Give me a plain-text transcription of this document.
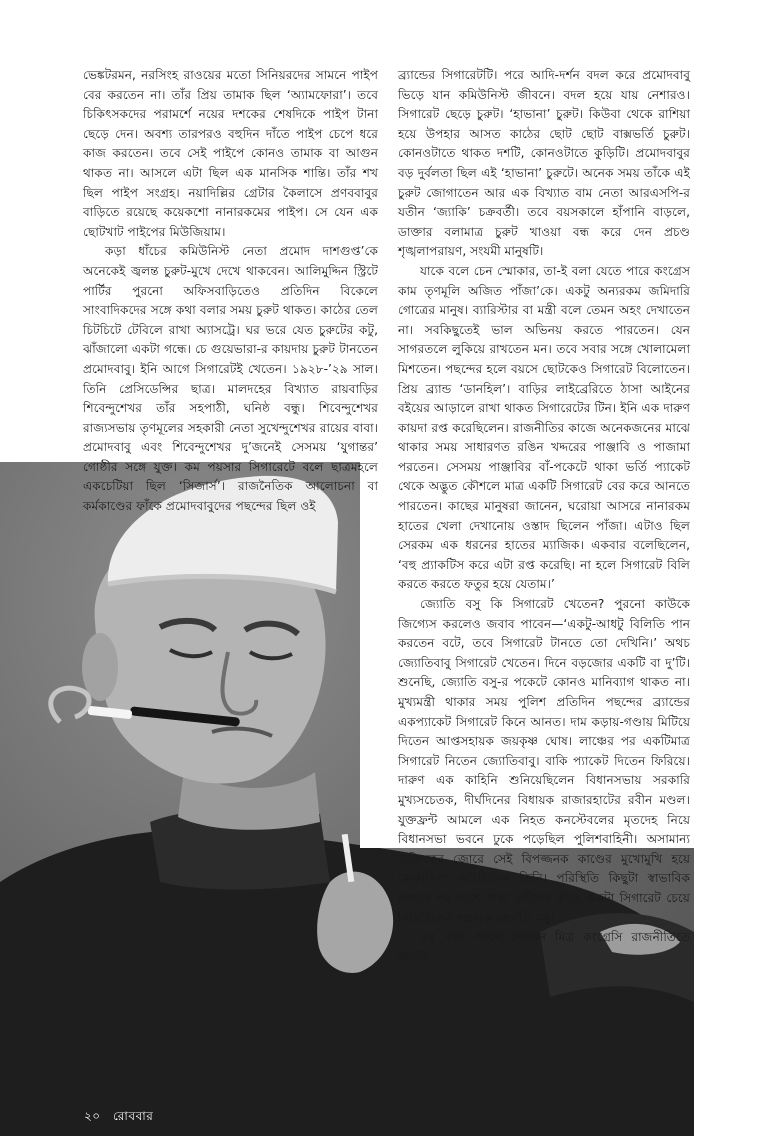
ভেঙ্কটরমন, নরসিংহ রাওয়ের মতো সিনিয়রদের সামনে পাইপ বের করতেন না। তাঁর প্রিয় তামাক ছিল ‘অ্যামফোরা’। তবে চিকিৎসকদের পরামর্শে নয়ের দশকের শেষদিকে পাইপ টানা ছেড়ে দেন। অবশ্য তারপরও বহুদিন দাঁতে পাইপ চেপে ধরে কাজ করতেন। তবে সেই পাইপে কোনও তামাক বা আগুন থাকত না। আসলে এটা ছিল এক মানসিক শান্তি। তাঁর শখ ছিল পাইপ সংগ্রহ। নয়াদিল্লির গ্রেটার কৈলাসে প্রণববাবুর বাড়িতে রয়েছে কয়েকশো নানারকমের পাইপ। সে যেন এক ছোটখাট পাইপের মিউজিয়াম।

কড়া ধাঁচের কমিউনিস্ট নেতা প্রমোদ দাশগুপ্ত’কে অনেকেই জ্বলন্ত চুরুট-মুখে দেখে থাকবেন। আলিমুদ্দিন স্ট্রিটে পার্টির পুরনো অফিসবাড়িতেও প্রতিদিন বিকেলে সাংবাদিকদের সঙ্গে কথা বলার সময় চুরুট থাকত। কাঠের তেল চিটচিটে টেবিলে রাখা অ্যাসট্রে। ঘর ভরে যেত চুরুটের কটু, ঝাঁজালো একটা গন্ধে। চে গুয়েভারা-র কায়দায় চুরুট টানতেন প্রমোদবাবু। ইনি আগে সিগারেটই খেতেন। ১৯২৮-’২৯ সাল। তিনি প্রেসিডেন্সির ছাত্র। মালদহের বিখ্যাত রায়বাড়ির শিবেন্দুশেখর তাঁর সহপাঠী, ঘনিষ্ঠ বন্ধু। শিবেন্দুশেখর রাজ্যসভায় তৃণমূলের সহকারী নেতা সুখেন্দুশেখর রায়ের বাবা। প্রমোদবাবু এবং শিবেন্দুশেখর দু’জনেই সেসময় ‘যুগান্তর’ গোষ্ঠীর সঙ্গে যুক্ত। কম পয়সার সিগারেটে বলে ছাত্রমহলে একচেটিয়া ছিল ‘সিজার্স’। রাজনৈতিক আলোচনা বা কর্মকাণ্ডের ফাঁকে প্রমোদবাবুদের পছন্দের ছিল ওই

ব্র্যান্ডের সিগারেটটি। পরে আদি-দর্শন বদল করে প্রমোদবাবু ভিড়ে যান কমিউনিস্ট জীবনে। বদল হয়ে যায় নেশারও। সিগারেট ছেড়ে চুরুট। ‘হাভানা’ চুরুট। কিউবা থেকে রাশিয়া হয়ে উপহার আসত কাঠের ছোট ছোট বাক্সভর্তি চুরুট। কোনওটাতে থাকত দশটি, কোনওটাতে কুড়িটি। প্রমোদবাবুর বড় দুর্বলতা ছিল এই ‘হাভানা’ চুরুটে। অনেক সময় তাঁকে এই চুরুট জোগাতেন আর এক বিখ্যাত বাম নেতা আরএসপি-র যতীন ‘জ্যাকি’ চক্রবর্তী। তবে বয়সকালে হাঁপানি বাড়লে, ডাক্তার বলামাত্র চুরুট খাওয়া বন্ধ করে দেন প্রচণ্ড শৃঙ্খলাপরায়ণ, সংযমী মানুষটি।

যাকে বলে চেন স্মোকার, তা-ই বলা যেতে পারে কংগ্রেস কাম তৃণমূলি অজিত পাঁজা’কে। একটু অন্যরকম জমিদারি গোত্রের মানুষ। ব্যারিস্টার বা মন্ত্রী বলে তেমন অহং দেখাতেন না। সবকিছুতেই ভাল অভিনয় করতে পারতেন। যেন সাগরতলে লুকিয়ে রাখতেন মন। তবে সবার সঙ্গে খোলামেলা মিশতেন। পছন্দের হলে বয়সে ছোটকেও সিগারেট বিলোতেন। প্রিয় ব্র্যান্ড ‘ডানহিল’। বাড়ির লাইব্রেরিতে ঠাসা আইনের বইয়ের আড়ালে রাখা থাকত সিগারেটের টিন। ইনি এক দারুণ কায়দা রপ্ত করেছিলেন। রাজনীতির কাজে অনেকজনের মাঝে থাকার সময় সাধারণত রঙিন খদ্দরের পাঞ্জাবি ও পাজামা পরতেন। সেসময় পাঞ্জাবির বাঁ-পকেটে থাকা ভর্তি প্যাকেট থেকে অদ্ভুত কৌশলে মাত্র একটি সিগারেট বের করে আনতে পারতেন। কাছের মানুষরা জানেন, ঘরোয়া আসরে নানারকম হাতের খেলা দেখানোয় ওস্তাদ ছিলেন পাঁজা। এটাও ছিল সেরকম এক ধরনের হাতের ম্যাজিক। একবার বলেছিলেন, ‘বহু প্র্যাকটিস করে এটা রপ্ত করেছি। না হলে সিগারেট বিলি করতে করতে ফতুর হয়ে যেতাম।’

জ্যোতি বসু কি সিগারেট খেতেন? পুরনো কাউকে জিগ্যেস করলেও জবাব পাবেন—‘একটু-আধটু বিলিতি পান করতেন বটে, তবে সিগারেট টানতে তো দেখিনি।’ অথচ জ্যোতিবাবু সিগারেট খেতেন। দিনে বড়জোর একটি বা দু’টি। শুনেছি, জ্যোতি বসু-র পকেটে কোনও মানিব্যাগ থাকত না। মুখ্যমন্ত্রী থাকার সময় পুলিশ প্রতিদিন পছন্দের ব্র্যান্ডের একপ্যাকেট সিগারেট কিনে আনত। দাম কড়ায়-গণ্ডায় মিটিয়ে দিতেন আপ্তসহায়ক জয়কৃষ্ণ ঘোষ। লাঞ্চের পর একটিমাত্র সিগারেট নিতেন জ্যোতিবাবু। বাকি প্যাকেট দিতেন ফিরিয়ে। দারুণ এক কাহিনি শুনিয়েছিলেন বিধানসভায় সরকারি মুখ্যসচেতক, দীর্ঘদিনের বিধায়ক রাজারহাটের রবীন মণ্ডল। যুক্তফ্রন্ট আমলে এক নিহত কনস্টেবলের মৃতদেহ নিয়ে বিধানসভা ভবনে ঢুকে পড়েছিল পুলিশবাহিনী। অসামান্য ব্যক্তিত্বের জোরে সেই বিপজ্জনক কাণ্ডের মুখোমুখি হয়ে মোকাবিলা করেছিলেন তিনি। পরিস্থিতি কিছুটা স্বাভাবিক হওয়ার পর পাশে থাকা রবীনের কাছে একটা সিগারেট চেয়ে নিয়েছিলেন স্বল্পবাক্‌ জ্যোতি বসু।

৪৫ বছর আগে সোমেন মিত্র কংগ্রেসি রাজনীতিতে অতটা

২০ রোববার
